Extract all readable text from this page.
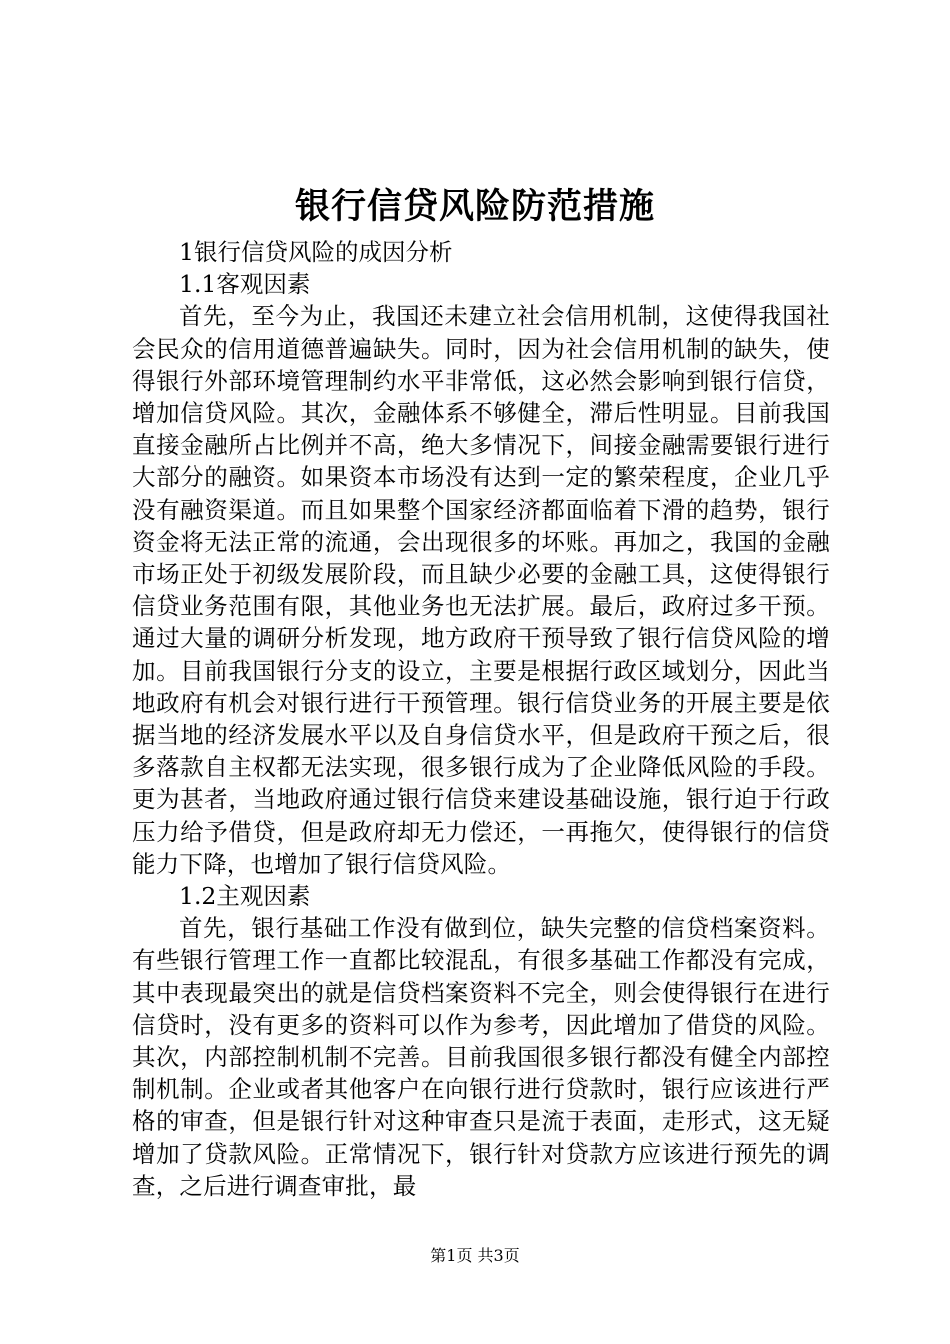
银行信贷风险防范措施

1银行信贷风险的成因分析

1.1客观因素

首先，至今为止，我国还未建立社会信用机制，这使得我国社会民众的信用道德普遍缺失。同时，因为社会信用机制的缺失，使得银行外部环境管理制约水平非常低，这必然会影响到银行信贷，增加信贷风险。其次，金融体系不够健全，滞后性明显。目前我国直接金融所占比例并不高，绝大多情况下，间接金融需要银行进行大部分的融资。如果资本市场没有达到一定的繁荣程度，企业几乎没有融资渠道。而且如果整个国家经济都面临着下滑的趋势，银行资金将无法正常的流通，会出现很多的坏账。再加之，我国的金融市场正处于初级发展阶段，而且缺少必要的金融工具，这使得银行信贷业务范围有限，其他业务也无法扩展。最后，政府过多干预。通过大量的调研分析发现，地方政府干预导致了银行信贷风险的增加。目前我国银行分支的设立，主要是根据行政区域划分，因此当地政府有机会对银行进行干预管理。银行信贷业务的开展主要是依据当地的经济发展水平以及自身信贷水平，但是政府干预之后，很多落款自主权都无法实现，很多银行成为了企业降低风险的手段。更为甚者，当地政府通过银行信贷来建设基础设施，银行迫于行政压力给予借贷，但是政府却无力偿还，一再拖欠，使得银行的信贷能力下降，也增加了银行信贷风险。

1.2主观因素

首先，银行基础工作没有做到位，缺失完整的信贷档案资料。有些银行管理工作一直都比较混乱，有很多基础工作都没有完成，其中表现最突出的就是信贷档案资料不完全，则会使得银行在进行信贷时，没有更多的资料可以作为参考，因此增加了借贷的风险。其次，内部控制机制不完善。目前我国很多银行都没有健全内部控制机制。企业或者其他客户在向银行进行贷款时，银行应该进行严格的审查，但是银行针对这种审查只是流于表面，走形式，这无疑增加了贷款风险。正常情况下，银行针对贷款方应该进行预先的调查，之后进行调查审批，最

第1页 共3页
